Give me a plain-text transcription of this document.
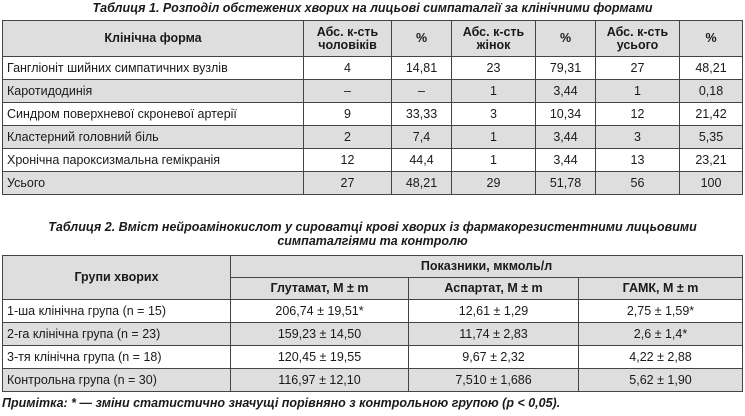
Таблиця 1. Розподіл обстежених хворих на лицьові симпаталгії за клінічними формами
Клінічна форма	Абс. к-сть чоловіків	%	Абс. к-сть жінок	%	Абс. к-сть усього	%
Гангліоніт шийних симпатичних вузлів	4	14,81	23	79,31	27	48,21
Каротидодинія	–	–	1	3,44	1	0,18
Синдром поверхневої скроневої артерії	9	33,33	3	10,34	12	21,42
Кластерний головний біль	2	7,4	1	3,44	3	5,35
Хронічна пароксизмальна гемікранія	12	44,4	1	3,44	13	23,21
Усього	27	48,21	29	51,78	56	100
Таблиця 2. Вміст нейроамінокислот у сироватці крові хворих із фармакорезистентними лицьовими
симпаталгіями та контролю
Групи хворих	Показники, мкмоль/л		
	Глутамат, M ± m	Аспартат, M ± m	ГАМК, M ± m
1-ша клінічна група (n = 15)	206,74 ± 19,51*	12,61 ± 1,29	2,75 ± 1,59*
2-га клінічна група (n = 23)	159,23 ± 14,50	11,74 ± 2,83	2,6 ± 1,4*
3-тя клінічна група (n = 18)	120,45 ± 19,55	9,67 ± 2,32	4,22 ± 2,88
Контрольна група (n = 30)	116,97 ± 12,10	7,510 ± 1,686	5,62 ± 1,90
Примітка: * — зміни статистично значущі порівняно з контрольною групою (p < 0,05).
